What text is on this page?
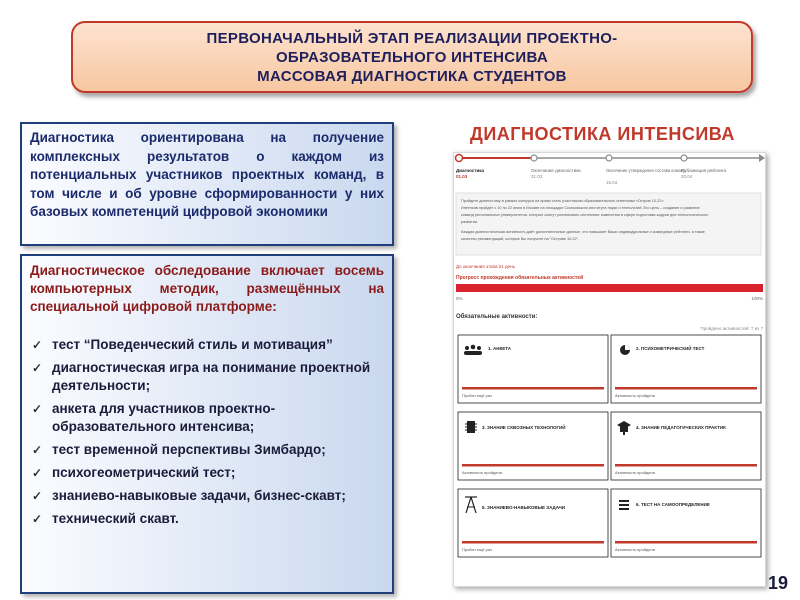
ПЕРВОНАЧАЛЬНЫЙ ЭТАП РЕАЛИЗАЦИИ ПРОЕКТНО-
ОБРАЗОВАТЕЛЬНОГО ИНТЕНСИВА
МАССОВАЯ ДИАГНОСТИКА СТУДЕНТОВ

Диагностика ориентирована на получение комплексных результатов о каждом из потенциальных участников проектных команд, в том числе и об уровне сформированности у них базовых компетенций цифровой экономики

Диагностическое обследование включает восемь компьютерных методик, размещённых на специальной цифровой платформе:

✓ тест “Поведенческий стиль и мотивация”
✓ диагностическая игра на понимание проектной деятельности;
✓ анкета для участников проектно-образовательного интенсива;
✓ тест временной перспективы Зимбардо;
✓ психогеометрический тест;
✓ знаниево-навыковые задачи, бизнес-скавт;
✓ технический скавт.
ДИАГНОСТИКА ИНТЕНСИВА
Диагностика
01.03
Окончание диагностики
31.03
Окончание утверждения состава команд
15.04
Публикация рейтинга
20.04
Пройдите диагностику в рамках конкурса на право стать участником образовательного интенсива «Остров 10-22».
Интенсив пройдёт с 10 по 22 июля в Москве на площадке Сколковского института науки и технологий. Его цель – создание и развитие
команд региональных университетов, которые смогут реализовать системные изменения в сфере подготовки кадров для технологического
развития.
Каждая диагностическая активность даёт дополнительные данные, что повышает Ваши индивидуальные и командные рейтинги, а также
качество рекомендаций, которые Вы получите на "Острове 10-22".
До окончания этапа 21 день
Прогресс прохождения обязательных активностей
0%	100%
Обязательные активности:
Пройдено активностей: 7 из 7
1. АНКЕТА
Пройти ещё раз
2. ПСИХОМЕТРИЧЕСКИЙ ТЕСТ
Активность пройдена
3. ЗНАНИЕ СКВОЗНЫХ ТЕХНОЛОГИЙ
Активность пройдена
4. ЗНАНИЕ ПЕДАГОГИЧЕСКИХ ПРАКТИК
Активность пройдена
5. ЗНАНИЕВО-НАВЫКОВЫЕ ЗАДАЧИ
Пройти ещё раз
6. ТЕСТ НА САМООПРЕДЕЛЕНИЕ
Активность пройдена
19
